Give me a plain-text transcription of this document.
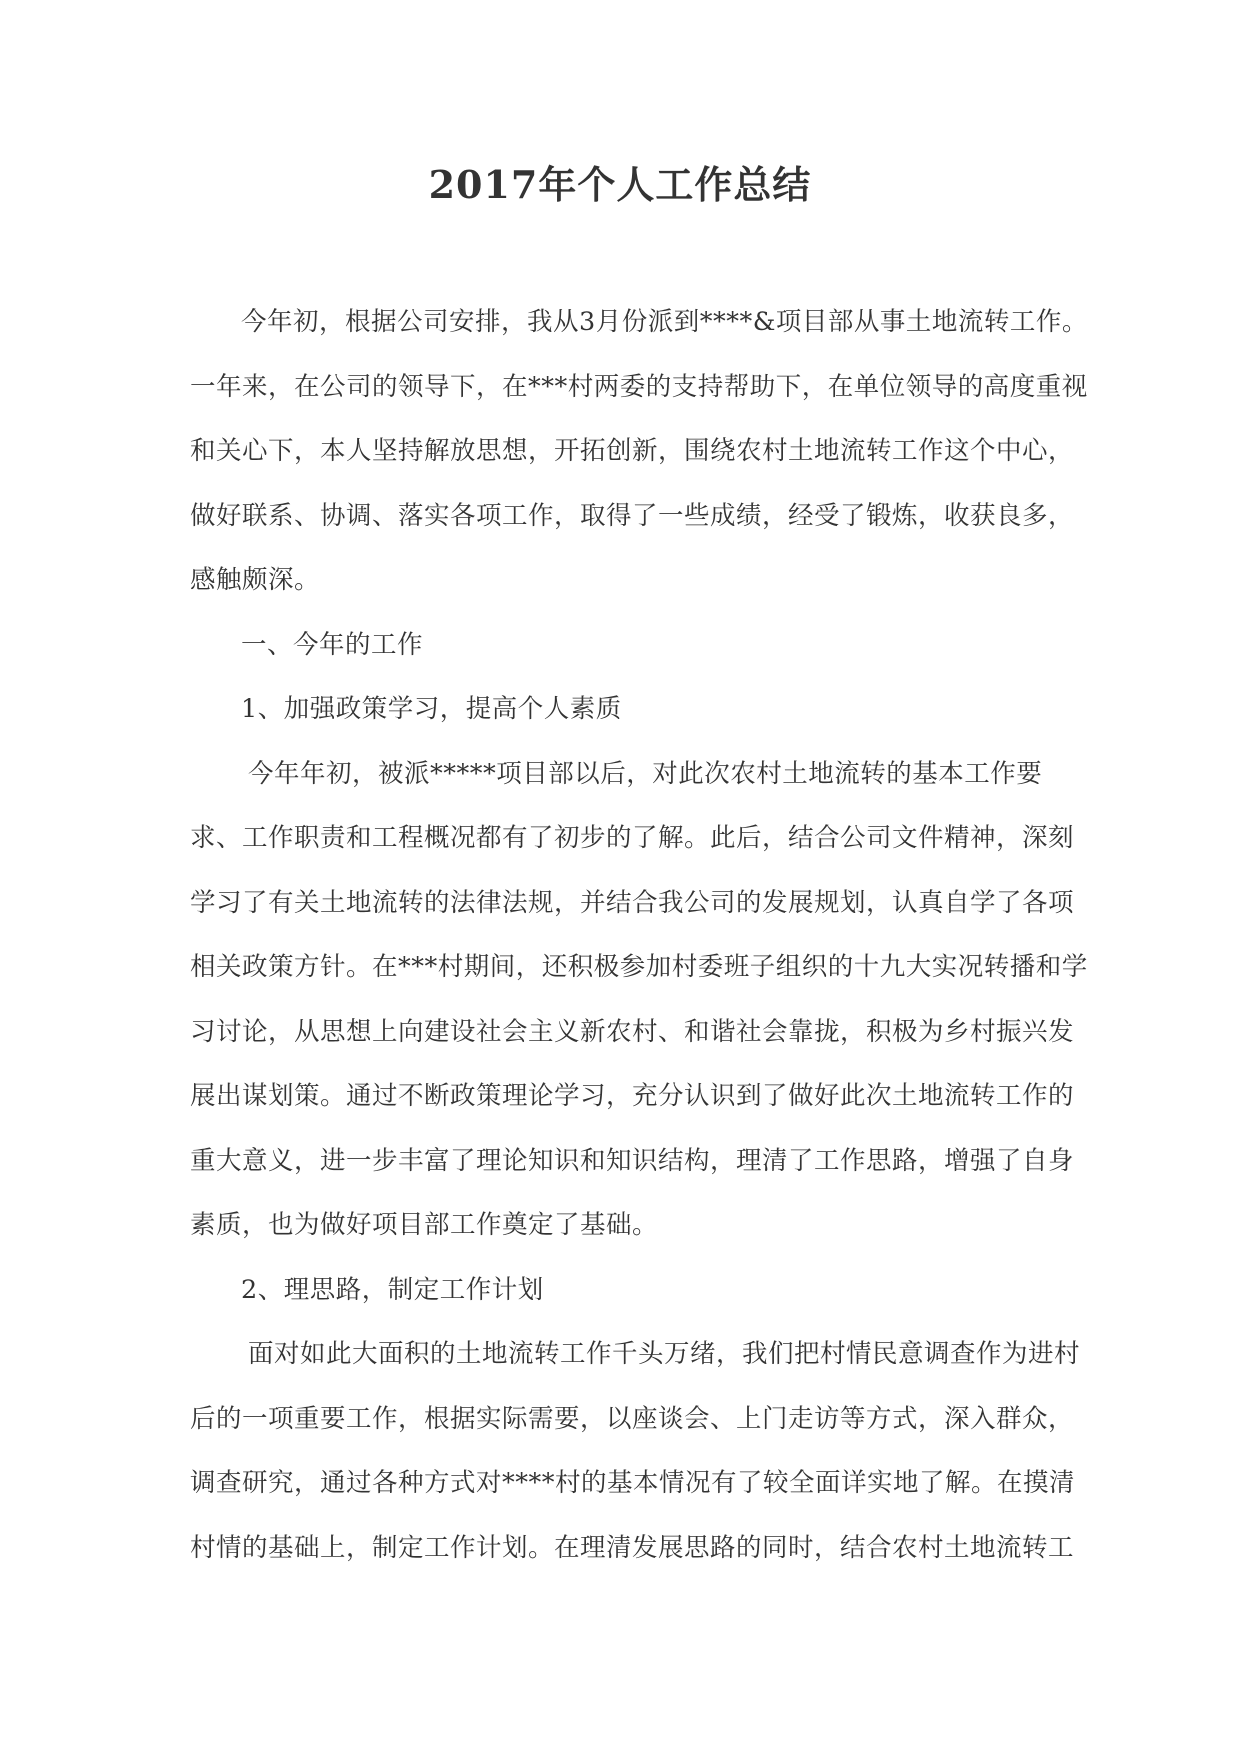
2017年个人工作总结
今年初，根据公司安排，我从3月份派到****&项目部从事土地流转工作。
一年来，在公司的领导下，在***村两委的支持帮助下，在单位领导的高度重视
和关心下，本人坚持解放思想，开拓创新，围绕农村土地流转工作这个中心，
做好联系、协调、落实各项工作，取得了一些成绩，经受了锻炼，收获良多，
感触颇深。
一、今年的工作
1、加强政策学习，提高个人素质
今年年初，被派*****项目部以后，对此次农村土地流转的基本工作要
求、工作职责和工程概况都有了初步的了解。此后，结合公司文件精神，深刻
学习了有关土地流转的法律法规，并结合我公司的发展规划，认真自学了各项
相关政策方针。在***村期间，还积极参加村委班子组织的十九大实况转播和学
习讨论，从思想上向建设社会主义新农村、和谐社会靠拢，积极为乡村振兴发
展出谋划策。通过不断政策理论学习，充分认识到了做好此次土地流转工作的
重大意义，进一步丰富了理论知识和知识结构，理清了工作思路，增强了自身
素质，也为做好项目部工作奠定了基础。
2、理思路，制定工作计划
面对如此大面积的土地流转工作千头万绪，我们把村情民意调查作为进村
后的一项重要工作，根据实际需要，以座谈会、上门走访等方式，深入群众，
调查研究，通过各种方式对****村的基本情况有了较全面详实地了解。在摸清
村情的基础上，制定工作计划。在理清发展思路的同时，结合农村土地流转工
